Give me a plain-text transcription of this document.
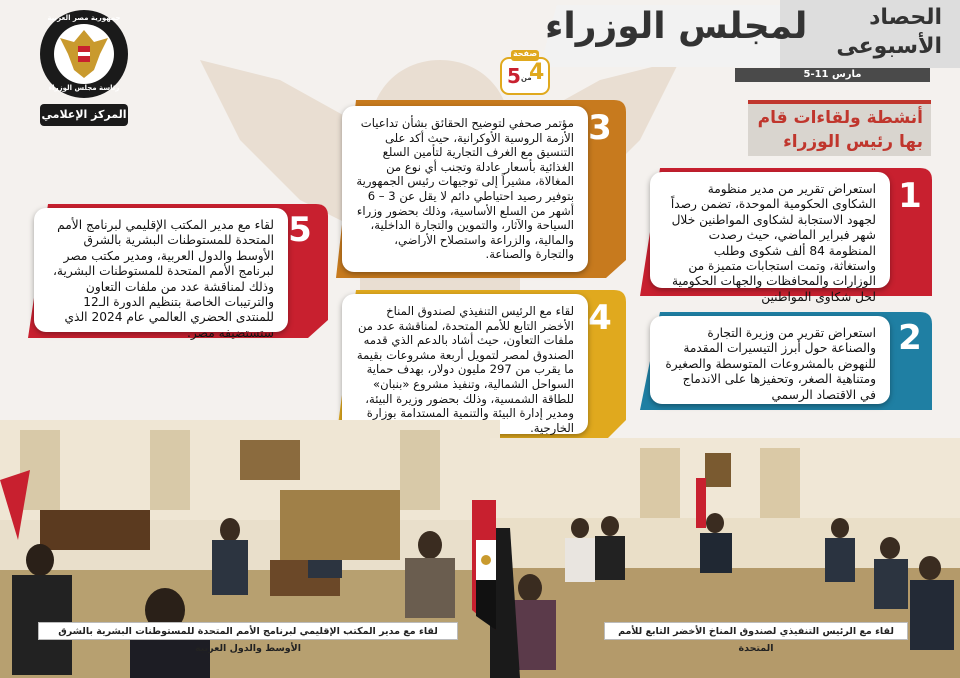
لمجلس الوزراء	الحصاد
الأسبوعى
5-11 مارس
صفحة
5 من
4
جمهورية مصر العربية
رئاسة مجلس الوزراء
المركز الإعلامي	أنشطة ولقاءات قام
بها رئيس الوزراء
1
استعراض تقرير من مدير منظومة الشكاوى الحكومية الموحدة، تضمن رصداً لجهود الاستجابة لشكاوى المواطنين خلال شهر فبراير الماضي، حيث رصدت المنظومة 84 ألف شكوى وطلب واستغاثة، وتمت استجابات متميزة من الوزارات والمحافظات والجهات الحكومية لحل شكاوى المواطنين
2
استعراض تقرير من وزيرة التجارة والصناعة حول أبرز التيسيرات المقدمة للنهوض بالمشروعات المتوسطة والصغيرة ومتناهية الصغر، وتحفيزها على الاندماج في الاقتصاد الرسمي
3
مؤتمر صحفي لتوضيح الحقائق بشأن تداعيات الأزمة الروسية الأوكرانية، حيث أكد على التنسيق مع الغرف التجارية لتأمين السلع الغذائية بأسعار عادلة وتجنب أي نوع من المغالاة، مشيراً إلى توجيهات رئيس الجمهورية بتوفير رصيد احتياطي دائم لا يقل عن 3 – 6 أشهر من السلع الأساسية، وذلك بحضور وزراء السياحة والآثار، والتموين والتجارة الداخلية، والمالية، والزراعة واستصلاح الأراضي، والتجارة والصناعة.
4
لقاء مع الرئيس التنفيذي لصندوق المناخ الأخضر التابع للأمم المتحدة، لمناقشة عدد من ملفات التعاون، حيث أشاد بالدعم الذي قدمه الصندوق لمصر لتمويل أربعة مشروعات بقيمة ما يقرب من 297 مليون دولار، بهدف حماية السواحل الشمالية، وتنفيذ مشروع «بنبان» للطاقة الشمسية، وذلك بحضور وزيرة البيئة، ومدير إدارة البيئة والتنمية المستدامة بوزارة الخارجية.
5
لقاء مع مدير المكتب الإقليمي لبرنامج الأمم المتحدة للمستوطنات البشرية بالشرق الأوسط والدول العربية، ومدير مكتب مصر لبرنامج الأمم المتحدة للمستوطنات البشرية، وذلك لمناقشة عدد من ملفات التعاون والترتيبات الخاصة بتنظيم الدورة الـ12 للمنتدى الحضري العالمي عام 2024 الذي ستستضيفه مصر.
لقاء مع مدير المكتب الإقليمي لبرنامج الأمم المتحدة للمستوطنات البشرية بالشرق الأوسط والدول العربية
لقاء مع الرئيس التنفيذي لصندوق المناخ الأخضر التابع للأمم المتحدة
